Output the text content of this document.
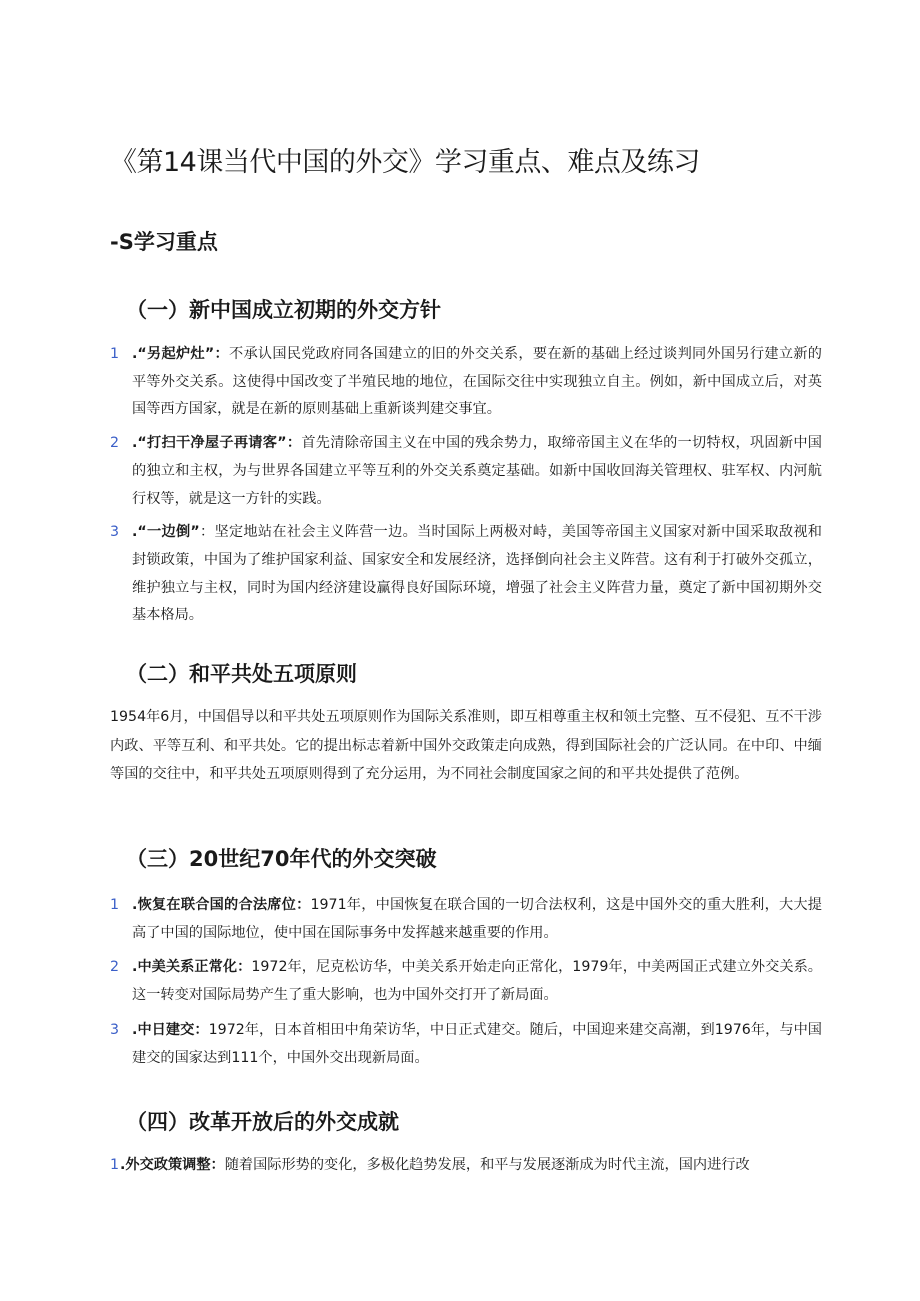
《第14课当代中国的外交》学习重点、难点及练习
-S学习重点
（一）新中国成立初期的外交方针
1 .“另起炉灶”：不承认国民党政府同各国建立的旧的外交关系，要在新的基础上经过谈判同外国另行建立新的平等外交关系。这使得中国改变了半殖民地的地位，在国际交往中实现独立自主。例如，新中国成立后，对英国等西方国家，就是在新的原则基础上重新谈判建交事宜。
2 .“打扫干净屋子再请客”：首先清除帝国主义在中国的残余势力，取缔帝国主义在华的一切特权，巩固新中国的独立和主权，为与世界各国建立平等互利的外交关系奠定基础。如新中国收回海关管理权、驻军权、内河航行权等，就是这一方针的实践。
3 .“一边倒”：坚定地站在社会主义阵营一边。当时国际上两极对峙，美国等帝国主义国家对新中国采取敌视和封锁政策，中国为了维护国家利益、国家安全和发展经济，选择倒向社会主义阵营。这有利于打破外交孤立，维护独立与主权，同时为国内经济建设赢得良好国际环境，增强了社会主义阵营力量，奠定了新中国初期外交基本格局。
（二）和平共处五项原则

1954年6月，中国倡导以和平共处五项原则作为国际关系准则，即互相尊重主权和领土完整、互不侵犯、互不干涉内政、平等互利、和平共处。它的提出标志着新中国外交政策走向成熟，得到国际社会的广泛认同。在中印、中缅等国的交往中，和平共处五项原则得到了充分运用，为不同社会制度国家之间的和平共处提供了范例。

（三）20世纪70年代的外交突破
1 .恢复在联合国的合法席位：1971年，中国恢复在联合国的一切合法权利，这是中国外交的重大胜利，大大提高了中国的国际地位，使中国在国际事务中发挥越来越重要的作用。
2 .中美关系正常化：1972年，尼克松访华，中美关系开始走向正常化，1979年，中美两国正式建立外交关系。这一转变对国际局势产生了重大影响，也为中国外交打开了新局面。
3 .中日建交：1972年，日本首相田中角荣访华，中日正式建交。随后，中国迎来建交高潮，到1976年，与中国建交的国家达到111个，中国外交出现新局面。
（四）改革开放后的外交成就
1 .外交政策调整：随着国际形势的变化，多极化趋势发展，和平与发展逐渐成为时代主流，国内进行改
